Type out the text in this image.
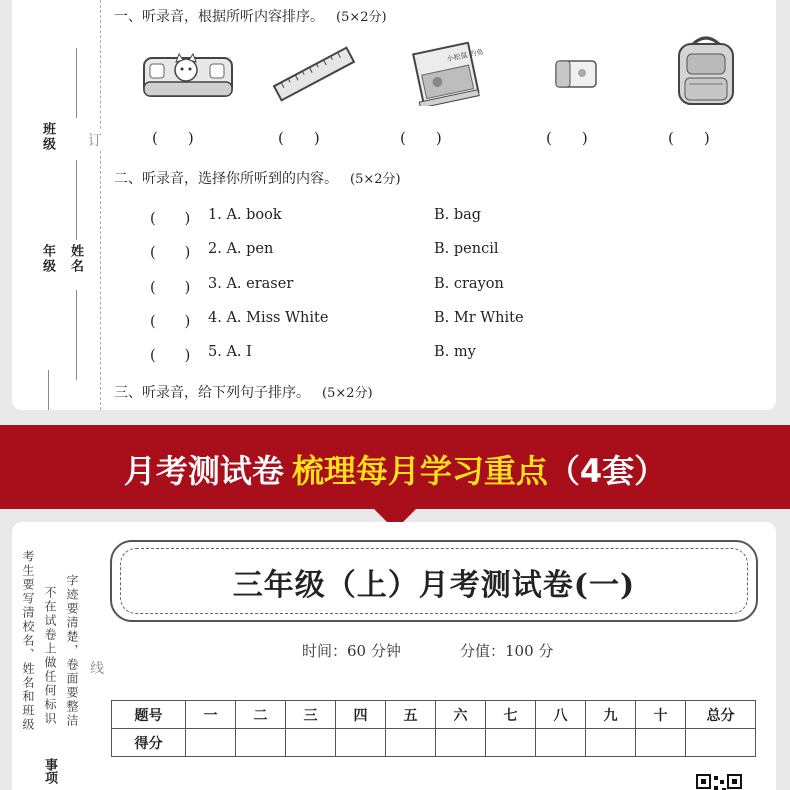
班级
年级 姓名
订
一、听录音，根据所听内容排序。 (5×2分)
小松鼠 钓鱼
(　　)	(　　)	(　　)	(　　)	(　　)
二、听录音，选择你所听到的内容。 (5×2分)
(　　) 1. A. book	B. bag
(　　) 2. A. pen	B. pencil
(　　) 3. A. eraser	B. crayon
(　　) 4. A. Miss White	B. Mr White
(　　) 5. A. I	B. my
三、听录音，给下列句子排序。 (5×2分)
月考测试卷 梳理每月学习重点（4套）
考生要写清校名、姓名和班级 不在试卷上做任何标识 字迹要清楚，卷面要整洁 线
事项
三年级（上）月考测试卷(一)
时间：60 分钟	分值：100 分
题号	一	二	三	四	五	六	七	八	九	十	总分
得分											
